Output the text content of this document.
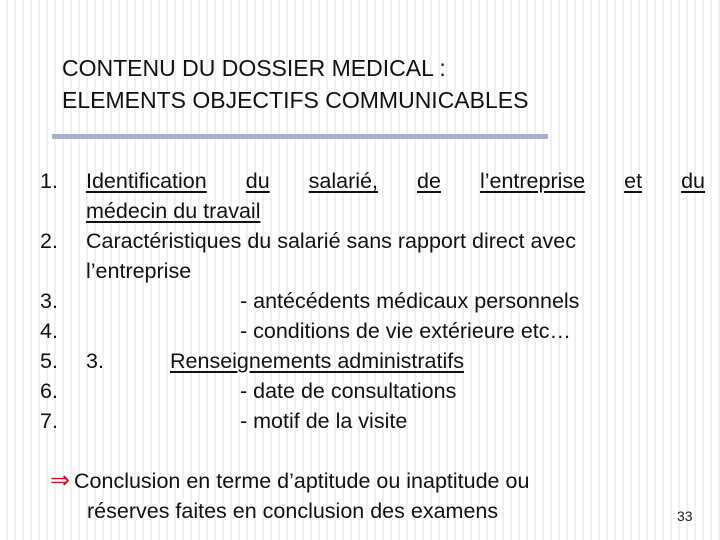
CONTENU DU DOSSIER MEDICAL :
ELEMENTS OBJECTIFS COMMUNICABLES
1.	Identification du salarié, de l’entreprise et du
médecin du travail
2.	Caractéristiques du salarié sans rapport direct avec
l’entreprise
3.	- antécédents médicaux personnels
4.	- conditions de vie extérieure etc…
5.	3.	Renseignements administratifs
6.	- date de consultations
7.	- motif de la visite
⇒ Conclusion en terme d’aptitude ou inaptitude ou
réserves faites en conclusion des examens	33
